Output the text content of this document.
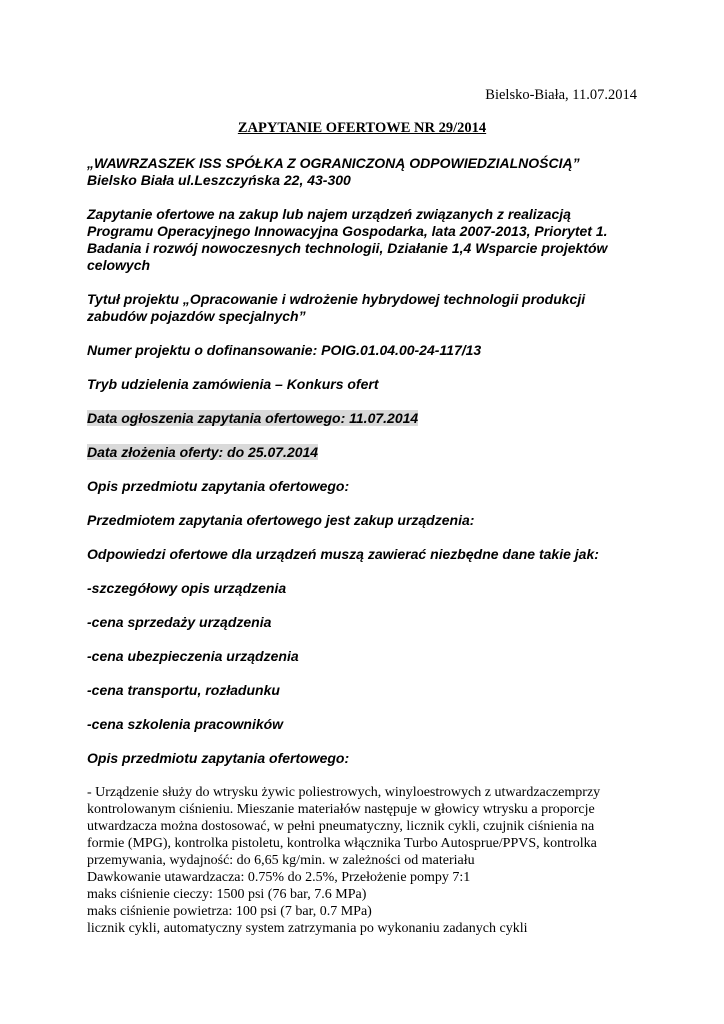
Bielsko-Biała, 11.07.2014
ZAPYTANIE OFERTOWE NR 29/2014

„WAWRZASZEK ISS SPÓŁKA Z OGRANICZONĄ ODPOWIEDZIALNOŚCIĄ”

Bielsko Biała ul.Leszczyńska 22, 43-300

Zapytanie ofertowe na zakup lub najem urządzeń związanych z realizacją

Programu Operacyjnego Innowacyjna Gospodarka, lata 2007-2013, Priorytet 1.

Badania i rozwój nowoczesnych technologii, Działanie 1,4 Wsparcie projektów

celowych

Tytuł projektu „Opracowanie i wdrożenie hybrydowej technologii produkcji

zabudów pojazdów specjalnych”

Numer projektu o dofinansowanie: POIG.01.04.00-24-117/13

Tryb udzielenia zamówienia – Konkurs ofert

Data ogłoszenia zapytania ofertowego: 11.07.2014

Data złożenia oferty: do 25.07.2014

Opis przedmiotu zapytania ofertowego:

Przedmiotem zapytania ofertowego jest zakup urządzenia:

Odpowiedzi ofertowe dla urządzeń muszą zawierać niezbędne dane takie jak:

-szczegółowy opis urządzenia

-cena sprzedaży urządzenia

-cena ubezpieczenia urządzenia

-cena transportu, rozładunku

-cena szkolenia pracowników

Opis przedmiotu zapytania ofertowego:

- Urządzenie służy do wtrysku żywic poliestrowych, winyloestrowych z utwardzaczemprzy

kontrolowanym ciśnieniu. Mieszanie materiałów następuje w głowicy wtrysku a proporcje

utwardzacza można dostosować, w pełni pneumatyczny, licznik cykli, czujnik ciśnienia na

formie (MPG), kontrolka pistoletu, kontrolka włącznika Turbo Autosprue/PPVS, kontrolka

przemywania, wydajność: do 6,65 kg/min. w zależności od materiału

Dawkowanie utawardzacza: 0.75% do 2.5%, Przełożenie pompy 7:1

maks ciśnienie cieczy: 1500 psi (76 bar, 7.6 MPa)

maks ciśnienie powietrza: 100 psi (7 bar, 0.7 MPa)

licznik cykli, automatyczny system zatrzymania po wykonaniu zadanych cykli
